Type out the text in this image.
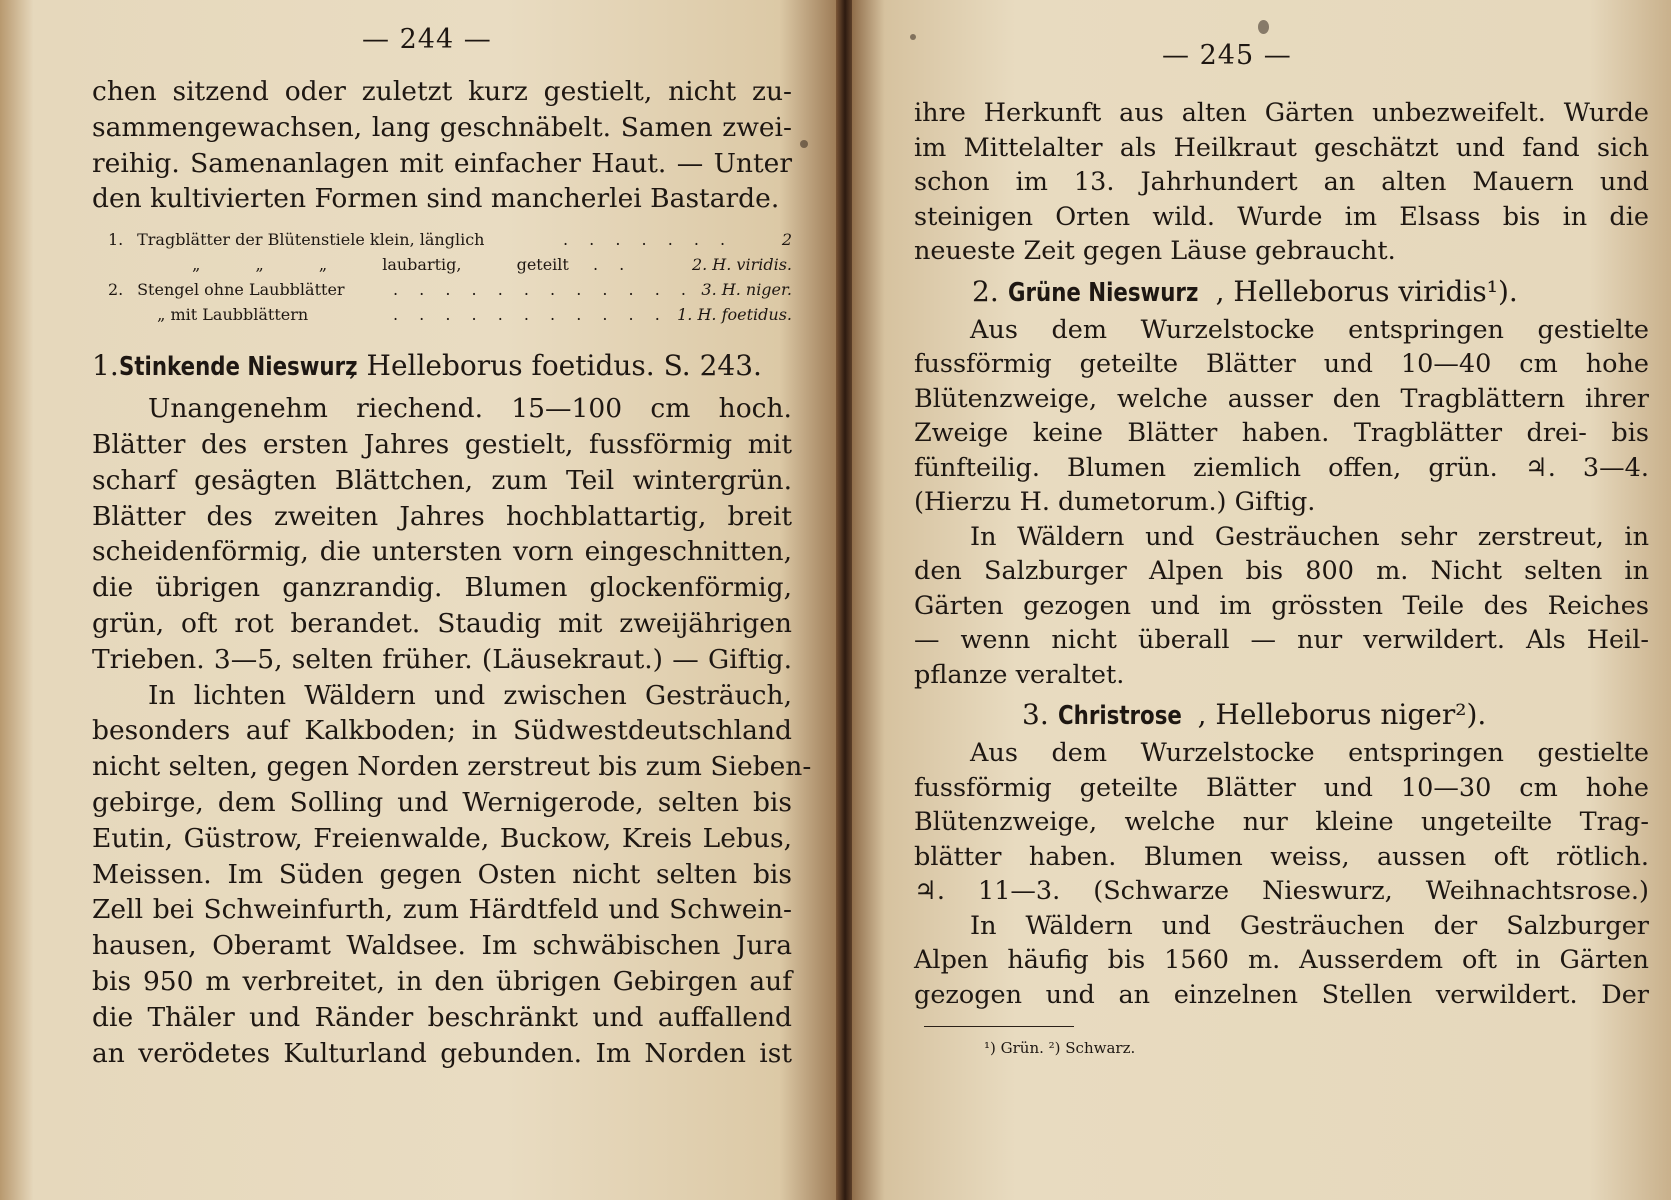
— 244 —
chen sitzend oder zuletzt kurz gestielt, nicht zu-
sammengewachsen, lang geschnäbelt. Samen zwei-
reihig. Samenanlagen mit einfacher Haut. — Unter
den kultivierten Formen sind mancherlei Bastarde.
1. Tragblätter der Blütenstiele klein, länglich	. . . . . . .	2
„ „ „ laubartig, geteilt . .	2. H. viridis.
2. Stengel ohne Laubblätter	. . . . . . . . . . . . 3. H. niger.
„ mit Laubblättern	. . . . . . . . . . . 1. H. foetidus.
1.Stinkende Nieswurz, Helleborus foetidus. S. 243.
Unangenehm riechend. 15—100 cm hoch.
Blätter des ersten Jahres gestielt, fussförmig mit
scharf gesägten Blättchen, zum Teil wintergrün.
Blätter des zweiten Jahres hochblattartig, breit
scheidenförmig, die untersten vorn eingeschnitten,
die übrigen ganzrandig. Blumen glockenförmig,
grün, oft rot berandet. Staudig mit zweijährigen
Trieben. 3—5, selten früher. (Läusekraut.) — Giftig.
In lichten Wäldern und zwischen Gesträuch,
besonders auf Kalkboden; in Südwestdeutschland
nicht selten, gegen Norden zerstreut bis zum Sieben-
gebirge, dem Solling und Wernigerode, selten bis
Eutin, Güstrow, Freienwalde, Buckow, Kreis Lebus,
Meissen. Im Süden gegen Osten nicht selten bis
Zell bei Schweinfurth, zum Härdtfeld und Schwein-
hausen, Oberamt Waldsee. Im schwäbischen Jura
bis 950 m verbreitet, in den übrigen Gebirgen auf
die Thäler und Ränder beschränkt und auffallend
an verödetes Kulturland gebunden. Im Norden ist
— 245 —
ihre Herkunft aus alten Gärten unbezweifelt. Wurde
im Mittelalter als Heilkraut geschätzt und fand sich
schon im 13. Jahrhundert an alten Mauern und
steinigen Orten wild. Wurde im Elsass bis in die
neueste Zeit gegen Läuse gebraucht.
2. Grüne Nieswurz , Helleborus viridis¹).
Aus dem Wurzelstocke entspringen gestielte
fussförmig geteilte Blätter und 10—40 cm hohe
Blütenzweige, welche ausser den Tragblättern ihrer
Zweige keine Blätter haben. Tragblätter drei- bis
fünfteilig. Blumen ziemlich offen, grün. ♃. 3—4.
(Hierzu H. dumetorum.) Giftig.
In Wäldern und Gesträuchen sehr zerstreut, in
den Salzburger Alpen bis 800 m. Nicht selten in
Gärten gezogen und im grössten Teile des Reiches
— wenn nicht überall — nur verwildert. Als Heil-
pflanze veraltet.
3. Christrose , Helleborus niger²).
Aus dem Wurzelstocke entspringen gestielte
fussförmig geteilte Blätter und 10—30 cm hohe
Blütenzweige, welche nur kleine ungeteilte Trag-
blätter haben. Blumen weiss, aussen oft rötlich.
♃. 11—3. (Schwarze Nieswurz, Weihnachtsrose.)
In Wäldern und Gesträuchen der Salzburger
Alpen häufig bis 1560 m. Ausserdem oft in Gärten
gezogen und an einzelnen Stellen verwildert. Der
¹) Grün. ²) Schwarz.
